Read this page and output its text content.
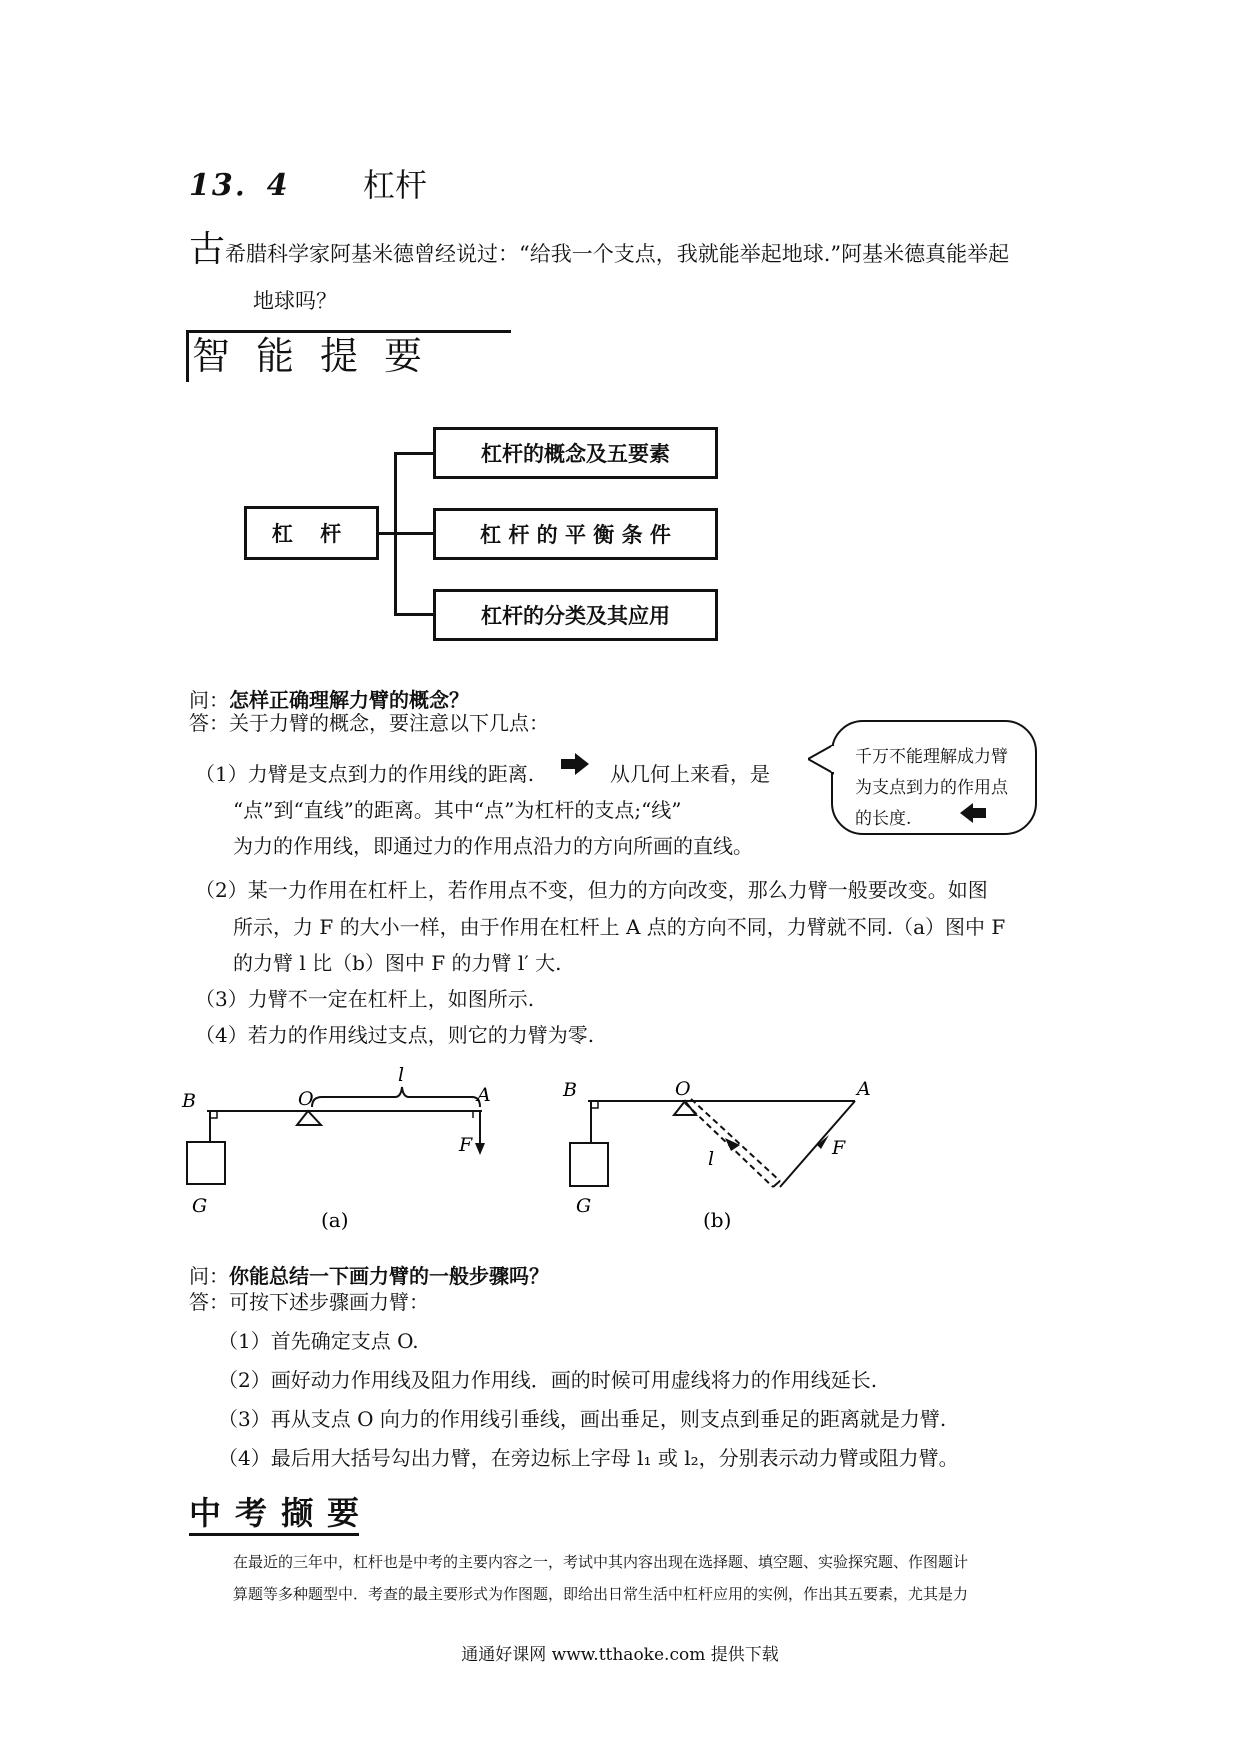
13．4 杠杆
古希腊科学家阿基米德曾经说过：“给我一个支点，我就能举起地球.”阿基米德真能举起
地球吗？
智能提要
杠 杆
杠杆的概念及五要素
杠 杆 的 平 衡 条 件
杠杆的分类及其应用
问：怎样正确理解力臂的概念？
答：关于力臂的概念，要注意以下几点：
（1）力臂是支点到力的作用线的距离.	从几何上来看，是
“点”到“直线”的距离。其中“点”为杠杆的支点;“线”
为力的作用线，即通过力的作用点沿力的方向所画的直线。
千万不能理解成力臂为支点到力的作用点的长度.
（2）某一力作用在杠杆上，若作用点不变，但力的方向改变，那么力臂一般要改变。如图
所示，力 F 的大小一样，由于作用在杠杆上 A 点的方向不同，力臂就不同.（a）图中 F
的力臂 l 比（b）图中 F 的力臂 l′ 大.
（3）力臂不一定在杠杆上，如图所示.
（4）若力的作用线过支点，则它的力臂为零.
B	O	A
l
F
G
(a)
B	O	A
l	F
G
(b)
问：你能总结一下画力臂的一般步骤吗？
答：可按下述步骤画力臂：
（1）首先确定支点 O.
（2）画好动力作用线及阻力作用线．画的时候可用虚线将力的作用线延长.
（3）再从支点 O 向力的作用线引垂线，画出垂足，则支点到垂足的距离就是力臂.
（4）最后用大括号勾出力臂，在旁边标上字母 l₁ 或 l₂，分别表示动力臂或阻力臂。
中考撷要
在最近的三年中，杠杆也是中考的主要内容之一，考试中其内容出现在选择题、填空题、实验探究题、作图题计
算题等多种题型中．考查的最主要形式为作图题，即给出日常生活中杠杆应用的实例，作出其五要素，尤其是力
通通好课网 www.tthaoke.com 提供下载
